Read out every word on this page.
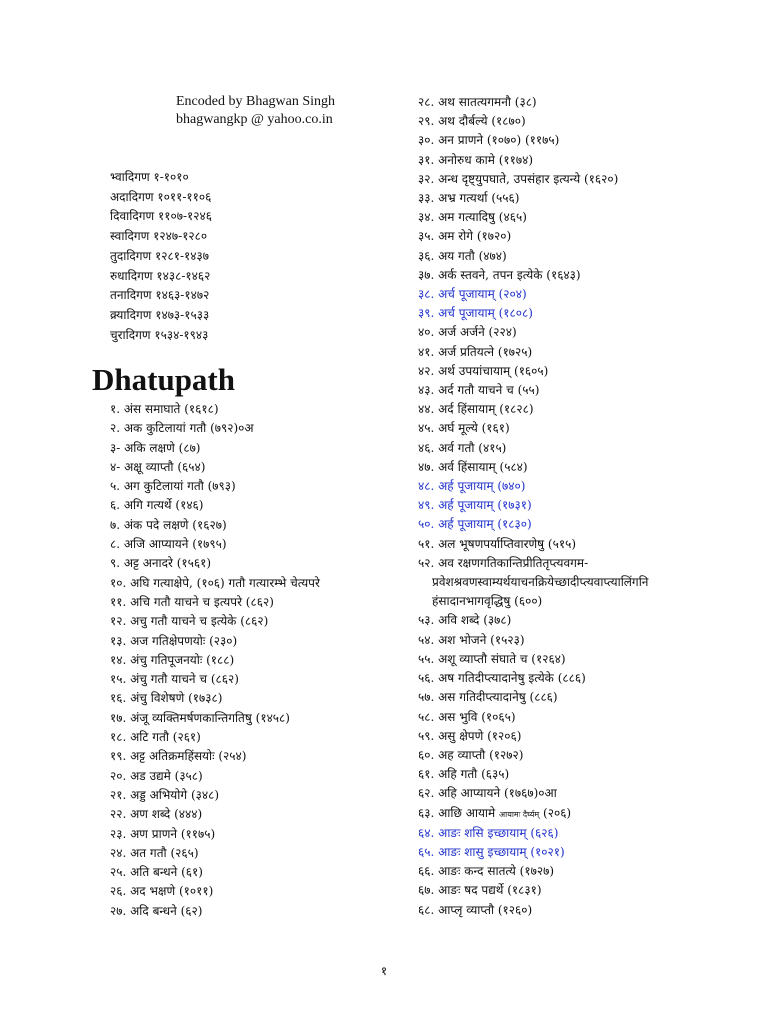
Encoded by Bhagwan Singh
bhagwangkp @ yahoo.co.in
भ्वादिगण १-१०१०
अदादिगण १०११-११०६
दिवादिगण ११०७-१२४६
स्वादिगण १२४७-१२८०
तुदादिगण १२८१-१४३७
रुधादिगण १४३८-१४६२
तनादिगण १४६३-१४७२
क्र्यादिगण १४७३-१५३३
चुरादिगण १५३४-१९४३
Dhatupath
१. अंस समाघाते (१६१८)
२. अक कुटिलायां गतौ (७९२)०अ
३- अकि लक्षणे (८७)
४- अक्षू व्याप्तौ (६५४)
५. अग कुटिलायां गतौ (७९३)
६. अगि गत्यर्थे (१४६)
७. अंक पदे लक्षणे (१६२७)
८. अजि आप्यायने (१७९५)
९. अट्ट अनादरे (१५६१)
१०. अघि गत्याक्षेपे, (१०६) गतौ गत्यारम्भे चेत्यपरे
११. अचि गतौ याचने च इत्यपरे (८६२)
१२. अचु गतौ याचने च इत्येके (८६२)
१३. अज गतिक्षेपणयोः (२३०)
१४. अंचु गतिपूजनयोः (१८८)
१५. अंचु गतौ याचने च (८६२)
१६. अंचु विशेषणे (१७३८)
१७. अंजू व्यक्तिमर्षणकान्तिगतिषु (१४५८)
१८. अटि गतौ (२६१)
१९. अट्ट अतिक्रमहिंसयोः (२५४)
२०. अड उद्यमे (३५८)
२१. अड्ड अभियोगे (३४८)
२२. अण शब्दे (४४४)
२३. अण प्राणने (११७५)
२४. अत गतौ (२६५)
२५. अति बन्धने (६१)
२६. अद भक्षणे (१०११)
२७. अदि बन्धने (६२)
२८. अथ सातत्यगमनौ (३८)
२९. अथ दौर्बल्ये (१८७०)
३०. अन प्राणने (१०७०) (११७५)
३१. अनोरुध कामे (११७४)
३२. अन्ध दृष्ट्युपघाते, उपसंहार इत्यन्ये (१६२०)
३३. अभ्र गत्यर्था (५५६)
३४. अम गत्यादिषु (४६५)
३५. अम रोगे (१७२०)
३६. अय गतौ (४७४)
३७. अर्क स्तवने, तपन इत्येके (१६४३)
३८. अर्च पूजायाम् (२०४)
३९. अर्च पूजायाम् (१८०८)
४०. अर्ज अर्जने (२२४)
४१. अर्ज प्रतियत्ने (१७२५)
४२. अर्थ उपयांचायाम् (१६०५)
४३. अर्द गतौ याचने च (५५)
४४. अर्द हिंसायाम् (१८२८)
४५. अर्घ मूल्ये (१६१)
४६. अर्व गतौ (४१५)
४७. अर्व हिंसायाम् (५८४)
४८. अर्ह पूजायाम् (७४०)
४९. अर्ह पूजायाम् (१७३१)
५०. अर्ह पूजायाम् (१८३०)
५१. अल भूषणपर्याप्तिवारणेषु (५१५)
५२. अव रक्षणगतिकान्तिप्रीतितृप्त्यवगम-
प्रवेशश्रवणस्वाम्यर्थयाचनक्रियेच्छादीप्त्यवाप्त्यालिंगनि
हंसादानभागवृद्धिषु (६००)
५३. अवि शब्दे (३७८)
५४. अश भोजने (१५२३)
५५. अशू व्याप्तौ संघाते च (१२६४)
५६. अष गतिदीप्त्यादानेषु इत्येके (८८६)
५७. अस गतिदीप्त्यादानेषु (८८६)
५८. अस भुवि (१०६५)
५९. असु क्षेपणे (१२०६)
६०. अह व्याप्तौ (१२७२)
६१. अहि गतौ (६३५)
६२. अहि आप्यायने (१७६७)०आ
६३. आछि आयामे आयामः दैर्घ्यम् (२०६)
६४. आङः शसि इच्छायाम् (६२६)
६५. आङः शासु इच्छायाम् (१०२१)
६६. आङः कन्द सातत्ये (१७२७)
६७. आङः षद पद्यर्थे (१८३१)
६८. आप्लृ व्याप्तौ (१२६०)
१
